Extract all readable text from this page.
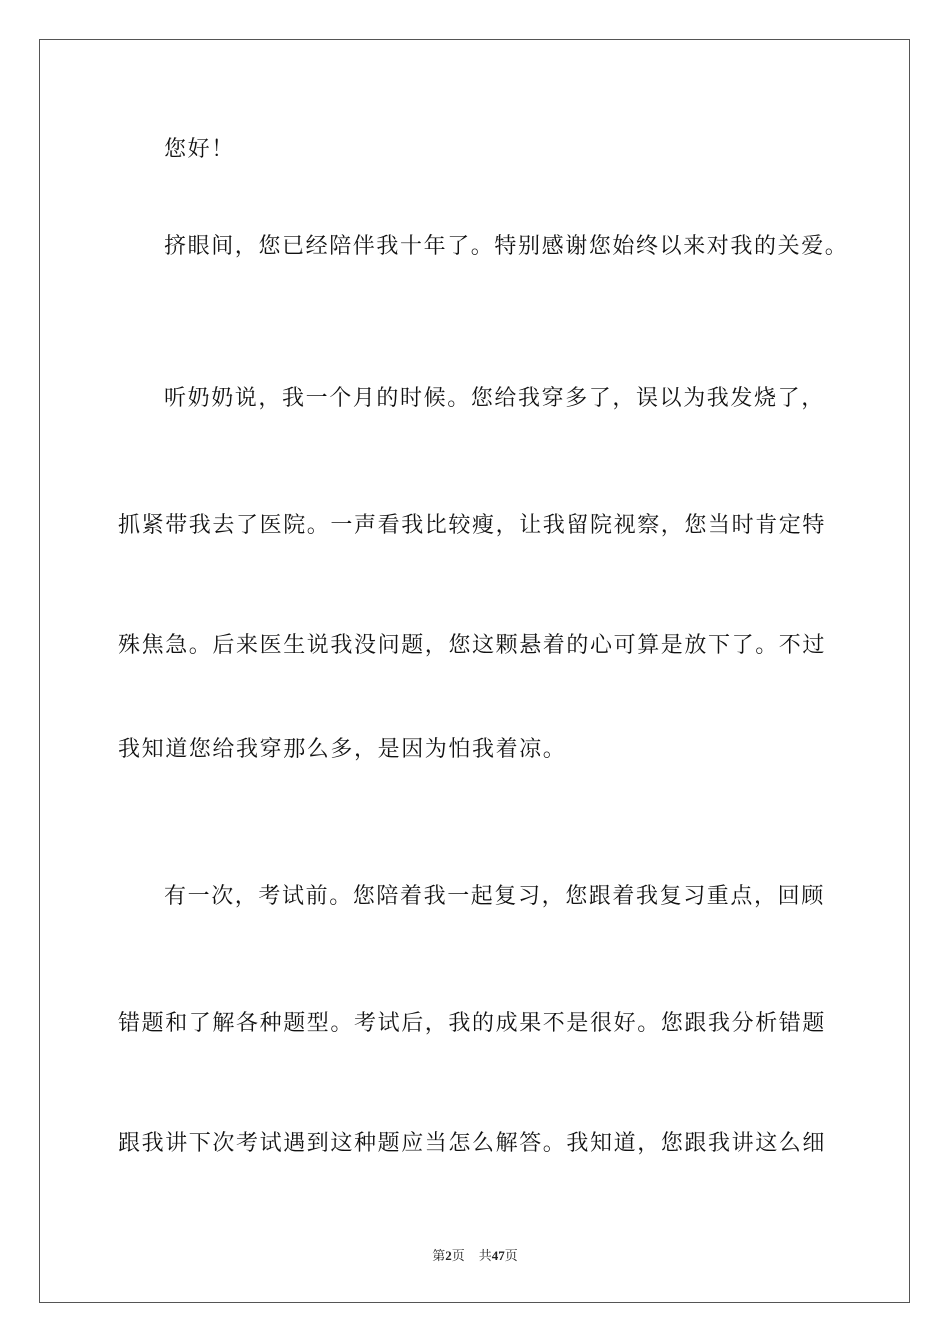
您好！
挤眼间，您已经陪伴我十年了。特别感谢您始终以来对我的关爱。
听奶奶说，我一个月的时候。您给我穿多了，误以为我发烧了，
抓紧带我去了医院。一声看我比较瘦，让我留院视察，您当时肯定特
殊焦急。后来医生说我没问题，您这颗悬着的心可算是放下了。不过
我知道您给我穿那么多，是因为怕我着凉。
有一次，考试前。您陪着我一起复习，您跟着我复习重点，回顾
错题和了解各种题型。考试后，我的成果不是很好。您跟我分析错题
跟我讲下次考试遇到这种题应当怎么解答。我知道，您跟我讲这么细
第2页 共47页
